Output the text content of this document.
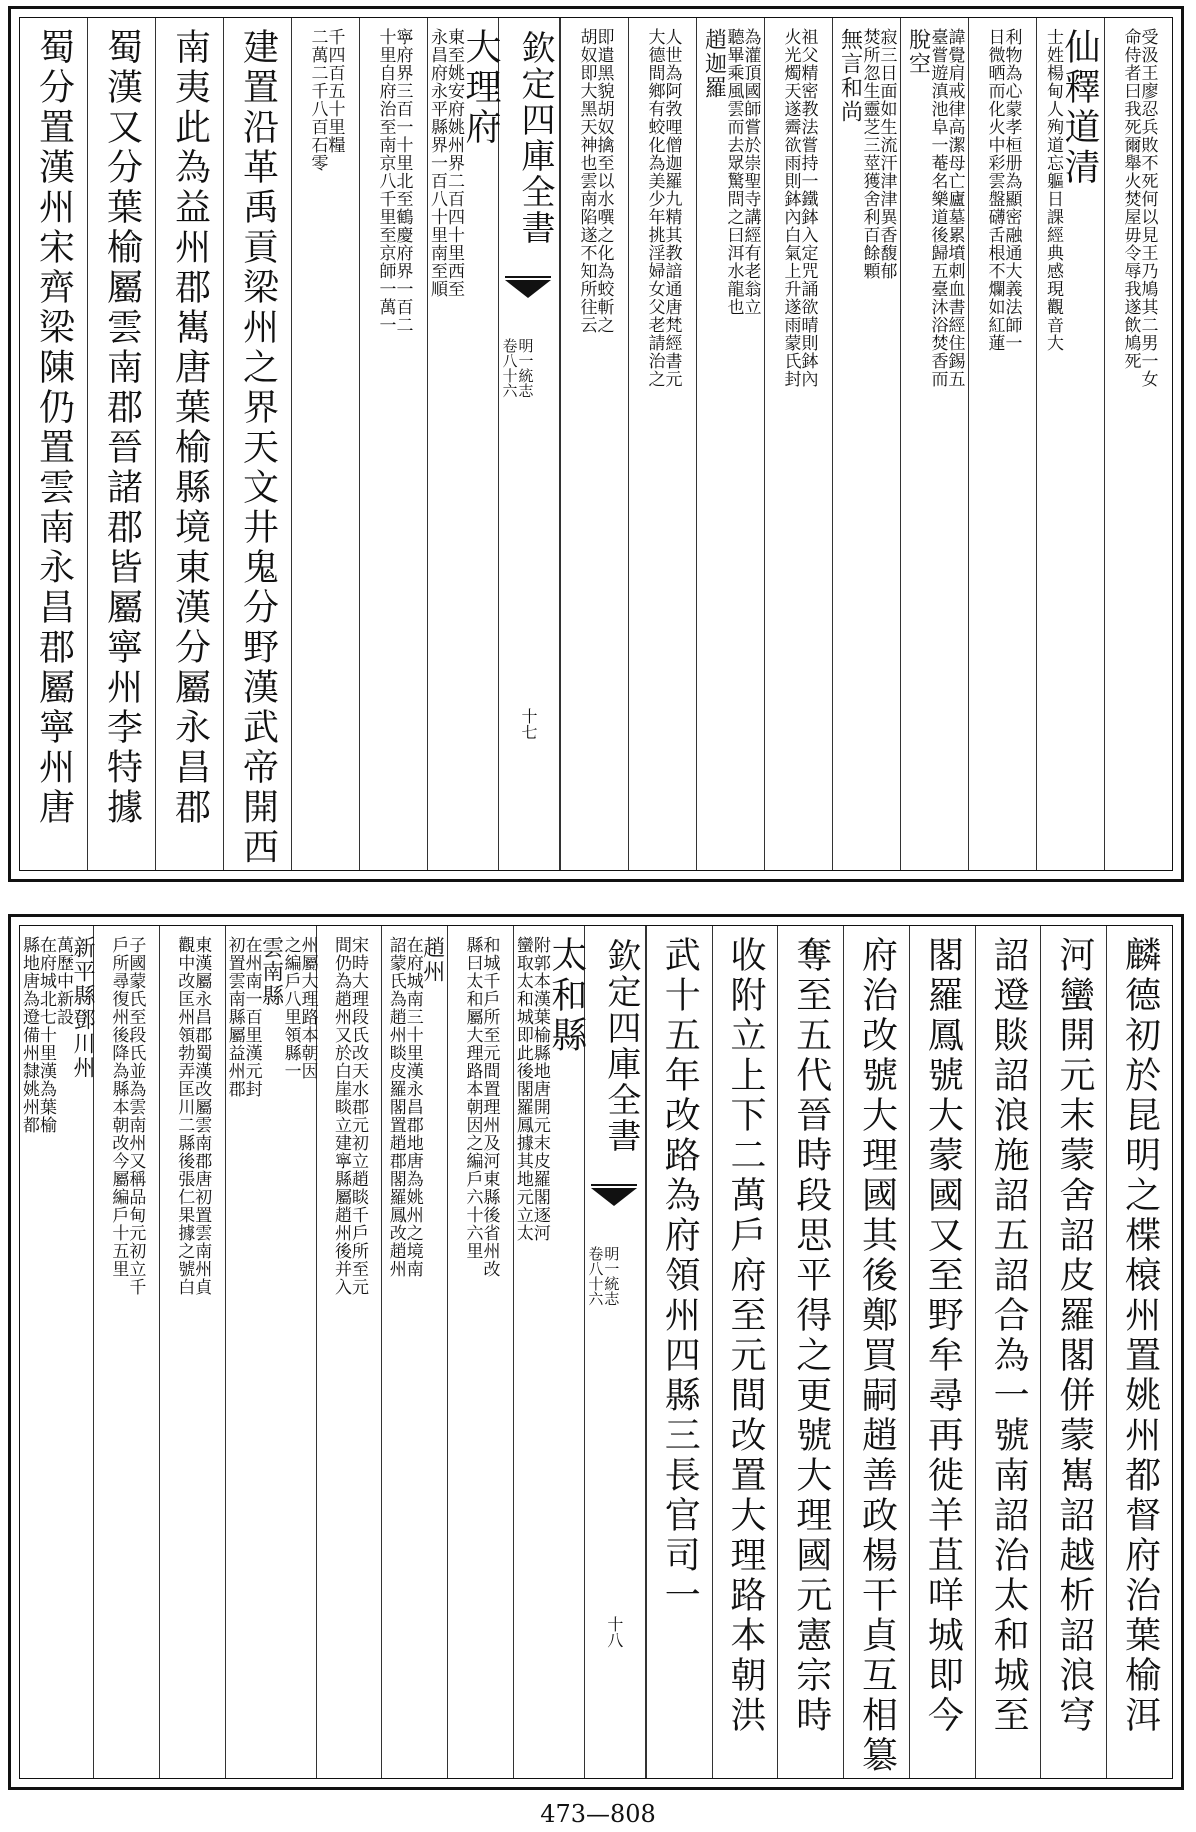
受汲王廖忍兵敗不死何以見王乃鳩其二男一女
命侍者曰我死爾舉火焚屋毋令辱我遂飲鳩死
仙釋道清
士姓楊甸人殉道忘軀日課經典感現觀音大
利物為心蒙孝桓册為顯密融通大義法師一
日微晒而化火中彩雲盤礴舌根不爛如紅蓮
諱覺肩戒律高潔母亡廬墓累墳刺血書經住錫五
臺嘗遊滇池阜一菴名樂道後歸五臺沐浴焚香而
脫空
寂三日面如生流汗津津異香馥郁
焚所忽生靈芝三莖獲舍利百餘顆
無言和尚
祖父精密教法嘗持一鐵鉢入定咒誦欲晴則鉢內
火光燭天遂霽欲雨則鉢內白氣上升遂雨蒙氏封
為灌頂國師嘗於崇聖寺講經有老翁立
聽畢乘風雲而去眾驚問之曰洱水龍也
趙迦羅
人世為阿㪍哩僧迦羅九精其教諳通唐梵經書元
大德間鄉有蛟化為美少年挑淫婦女父老請治之
即遣黑貌胡奴擒至以水噀之化為蛟斬之
胡奴即大黑天神也雲南陷遂不知所往云
欽定四庫全書
明一統志
卷八十六
十七
大理府
東至姚安府姚州界二百四十里西至
永昌府永平縣界一百八十里南至順
寧府界三百一十里北至鶴慶府界一百二
十里自府治至南京八千里至京師一萬一
千四百五十里糧
二萬二千八百石零
建置沿革禹貢梁州之界天文井鬼分野漢武帝開西
南夷此為益州郡嶲唐葉榆縣境東漢分屬永昌郡
蜀漢又分葉榆屬雲南郡晉諸郡皆屬寧州李特據
蜀分置漢州宋齊梁陳仍置雲南永昌郡屬寧州唐
麟德初於昆明之楪榱州置姚州都督府治葉榆洱
河蠻開元末蒙舍詔皮羅閣併蒙嶲詔越析詔浪穹
詔邆賧詔浪施詔五詔合為一號南詔治太和城至
閣羅鳳號大蒙國又至野牟尋再徙羊苴咩城即今
府治改號大理國其後鄭買嗣趙善政楊干貞互相簒
奪至五代晉時段思平得之更號大理國元憲宗時
收附立上下二萬戶府至元間改置大理路本朝洪
武十五年改路為府領州四縣三長官司一
欽定四庫全書
明一統志
卷八十六
十八
太和縣
附郭本漢葉榆縣地唐開元末皮羅閣逐河
蠻取太和城即此後閣羅鳳據其地元立太
和城千戶所至元間置理州及河東縣後省州改
縣曰太和屬大理路本朝因之編戶六十六里
趙州
在府城南三十里漢永昌郡地唐為姚州之境南
詔蒙氏為趙州睒皮羅閣置趙郡閣羅鳳改趙州
宋時大理段氏改天水郡元初立趙睒千戶所至元
間仍為趙州又於白崖睒立建寧縣屬趙州後并入
州屬大理路本朝因
之編戶八里領縣一
雲南縣
在州南一百里漢元封
初置雲南縣屬益州郡
東漢屬永昌郡蜀漢改屬雲南郡唐初置雲南州貞
觀中改匡州領勃弄匡川二縣後張仁果據之號白
子國蒙氏至段氏並為雲南州又稱品甸元初立千
戶所尋復州後降為縣本朝改今屬編戶十五里
新平縣鄧川州
萬歷中新設
在府城北七十里漢為葉榆
縣地唐為邆備州隸姚州都
473—808
